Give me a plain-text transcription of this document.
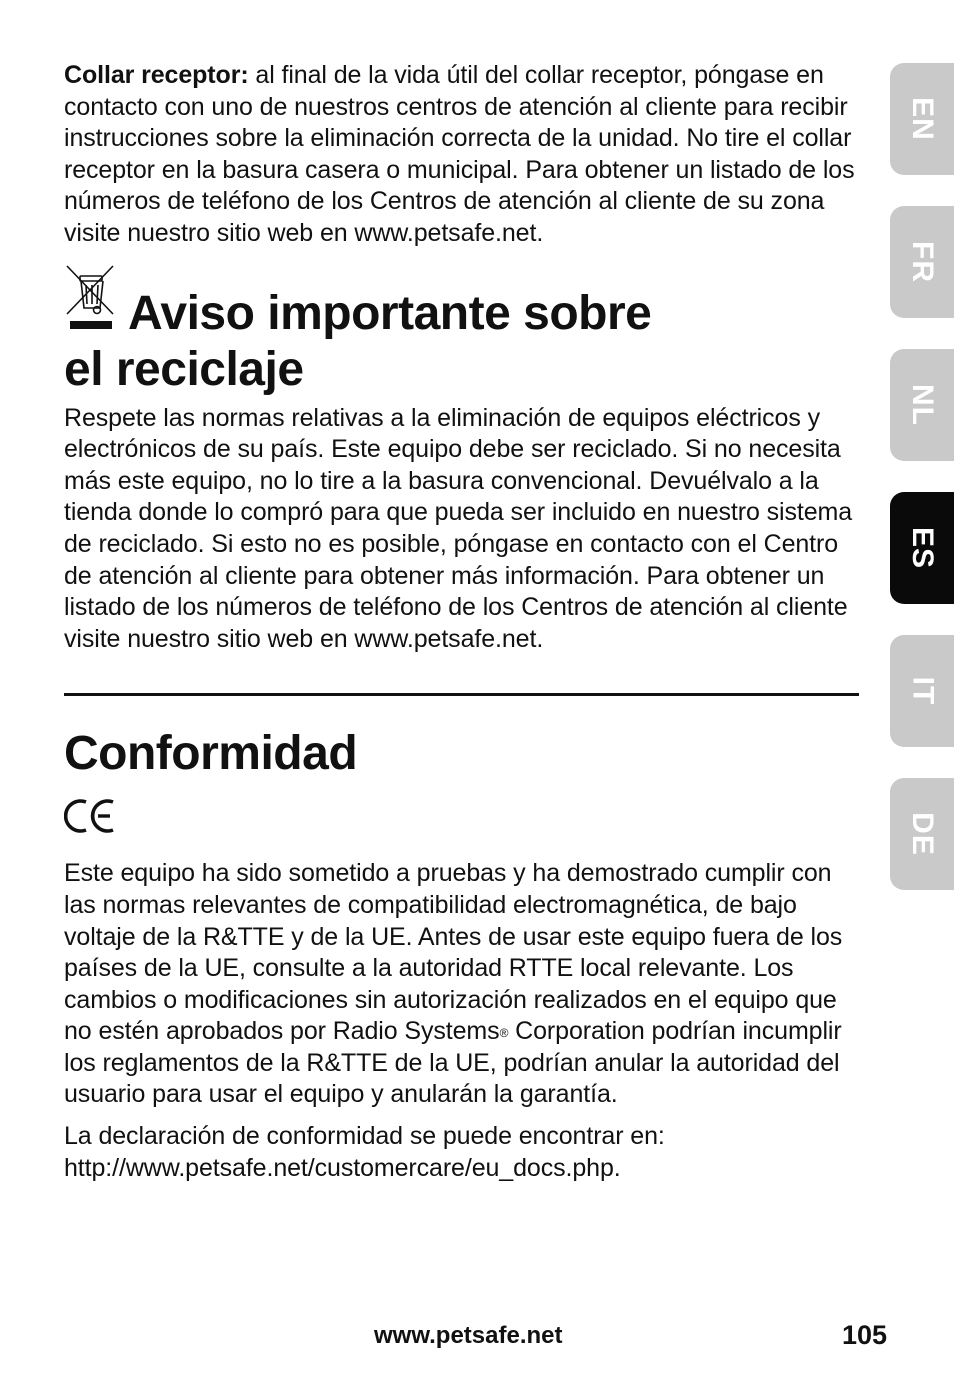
Collar receptor: al final de la vida útil del collar receptor, póngase en contacto con uno de nuestros centros de atención al cliente para recibir instrucciones sobre la eliminación correcta de la unidad. No tire el collar receptor en la basura casera o municipal. Para obtener un listado de los números de teléfono de los Centros de atención al cliente de su zona visite nuestro sitio web en www.petsafe.net.

Aviso importante sobre
el reciclaje

Respete las normas relativas a la eliminación de equipos eléctricos y electrónicos de su país. Este equipo debe ser reciclado. Si no necesita más este equipo, no lo tire a la basura convencional. Devuélvalo a la tienda donde lo compró para que pueda ser incluido en nuestro sistema de reciclado. Si esto no es posible, póngase en contacto con el Centro de atención al cliente para obtener más información. Para obtener un listado de los números de teléfono de los Centros de atención al cliente visite nuestro sitio web en www.petsafe.net.

Conformidad

Este equipo ha sido sometido a pruebas y ha demostrado cumplir con las normas relevantes de compatibilidad electromagnética, de bajo voltaje de la R&TTE y de la UE. Antes de usar este equipo fuera de los países de la UE, consulte a la autoridad RTTE local relevante. Los cambios o modificaciones sin autorización realizados en el equipo que no estén aprobados por Radio Systems® Corporation podrían incumplir los reglamentos de la R&TTE de la UE, podrían anular la autoridad del usuario para usar el equipo y anularán la garantía.

La declaración de conformidad se puede encontrar en:
http://www.petsafe.net/customercare/eu_docs.php.

EN
FR
NL
ES
IT
DE
www.petsafe.net	105
